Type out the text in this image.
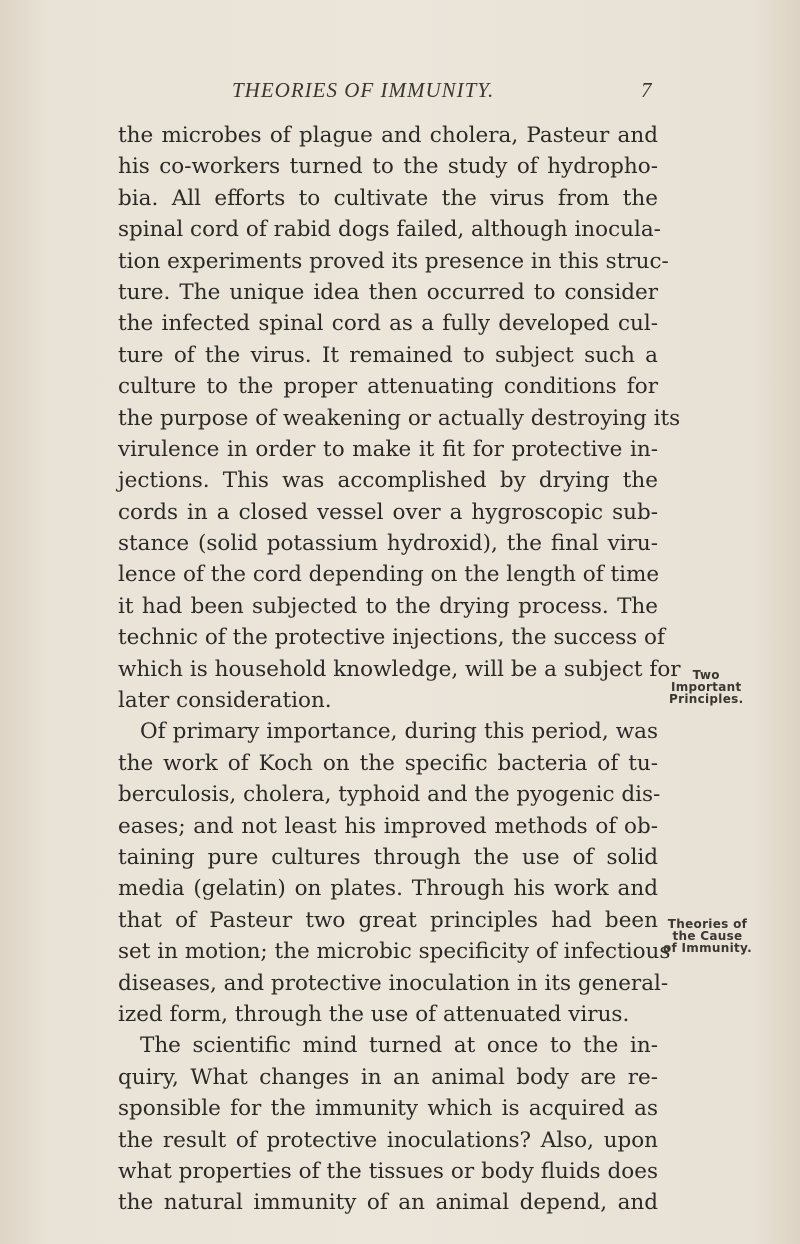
THEORIES OF IMMUNITY.	7
the microbes of plague and cholera, Pasteur and
his co-workers turned to the study of hydropho-
bia. All efforts to cultivate the virus from the
spinal cord of rabid dogs failed, although inocula-
tion experiments proved its presence in this struc-
ture. The unique idea then occurred to consider
the infected spinal cord as a fully developed cul-
ture of the virus. It remained to subject such a
culture to the proper attenuating conditions for
the purpose of weakening or actually destroying its
virulence in order to make it fit for protective in-
jections. This was accomplished by drying the
cords in a closed vessel over a hygroscopic sub-
stance (solid potassium hydroxid), the final viru-
lence of the cord depending on the length of time
it had been subjected to the drying process. The
technic of the protective injections, the success of
which is household knowledge, will be a subject for
later consideration.
Of primary importance, during this period, was
the work of Koch on the specific bacteria of tu-
berculosis, cholera, typhoid and the pyogenic dis-
eases; and not least his improved methods of ob-
taining pure cultures through the use of solid
media (gelatin) on plates. Through his work and
that of Pasteur two great principles had been
set in motion; the microbic specificity of infectious
diseases, and protective inoculation in its general-
ized form, through the use of attenuated virus.
The scientific mind turned at once to the in-
quiry, What changes in an animal body are re-
sponsible for the immunity which is acquired as
the result of protective inoculations? Also, upon
what properties of the tissues or body fluids does
the natural immunity of an animal depend, and
Two
Important
Principles.
Theories of
the Cause
of Immunity.
